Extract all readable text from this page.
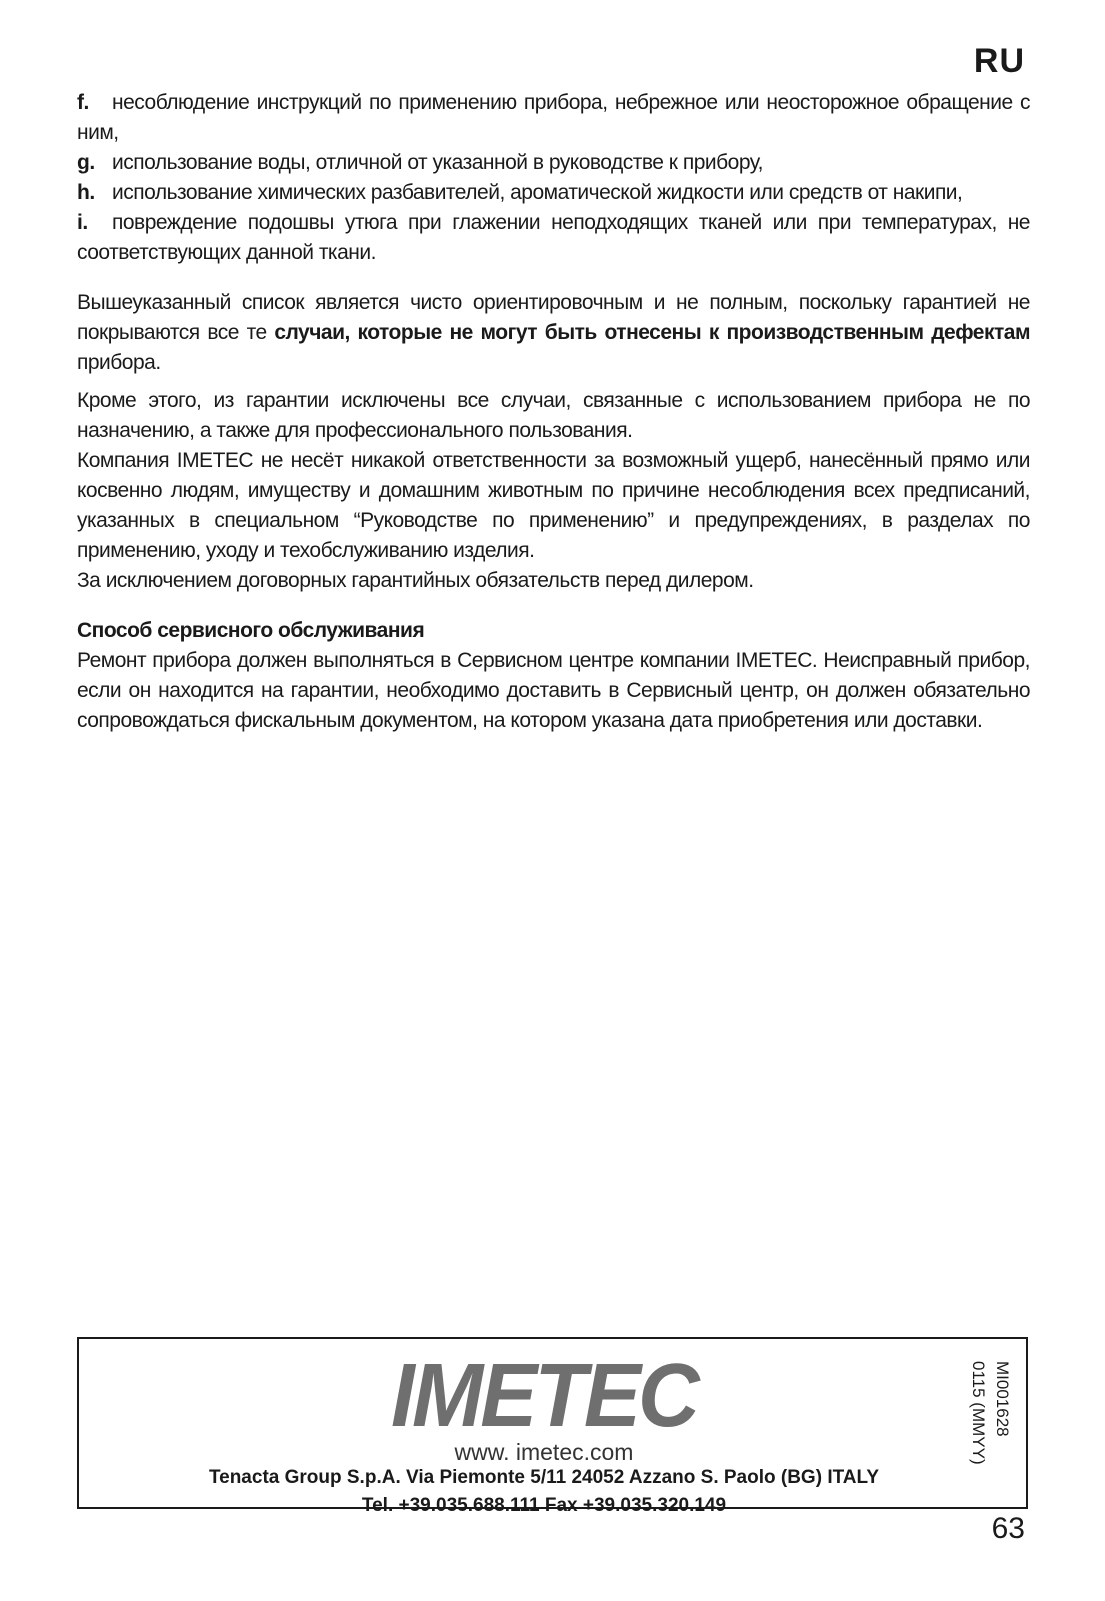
RU

f. несоблюдение инструкций по применению прибора, небрежное или неосторожное обращение с ним,

g. использование воды, отличной от указанной в руководстве к прибору,

h. использование химических разбавителей, ароматической жидкости или средств от накипи,

i. повреждение подошвы утюга при глажении неподходящих тканей или при температурах, не соответствующих данной ткани.

Вышеуказанный список является чисто ориентировочным и не полным, поскольку гарантией не покрываются все те случаи, которые не могут быть отнесены к производственным дефектам прибора.

Кроме этого, из гарантии исключены все случаи, связанные с использованием прибора не по назначению, а также для профессионального пользования.

Компания IMETEC не несёт никакой ответственности за возможный ущерб, нанесённый прямо или косвенно людям, имуществу и домашним животным по причине несоблюдения всех предписаний, указанных в специальном “Руководстве по применению” и предупреждениях, в разделах по применению, уходу и техобслуживанию изделия.

За исключением договорных гарантийных обязательств перед дилером.

Способ сервисного обслуживания

Ремонт прибора должен выполняться в Сервисном центре компании IMETEC. Неисправный прибор, если он находится на гарантии, необходимо доставить в Сервисный центр, он должен обязательно сопровождаться фискальным документом, на котором указана дата приобретения или доставки.

IMETEC
www. imetec.com
Tenacta Group S.p.A. Via Piemonte 5/11 24052 Azzano S. Paolo (BG) ITALY
Tel. +39.035.688.111 Fax +39.035.320.149
MI001628
0115 (MMYY)
63
